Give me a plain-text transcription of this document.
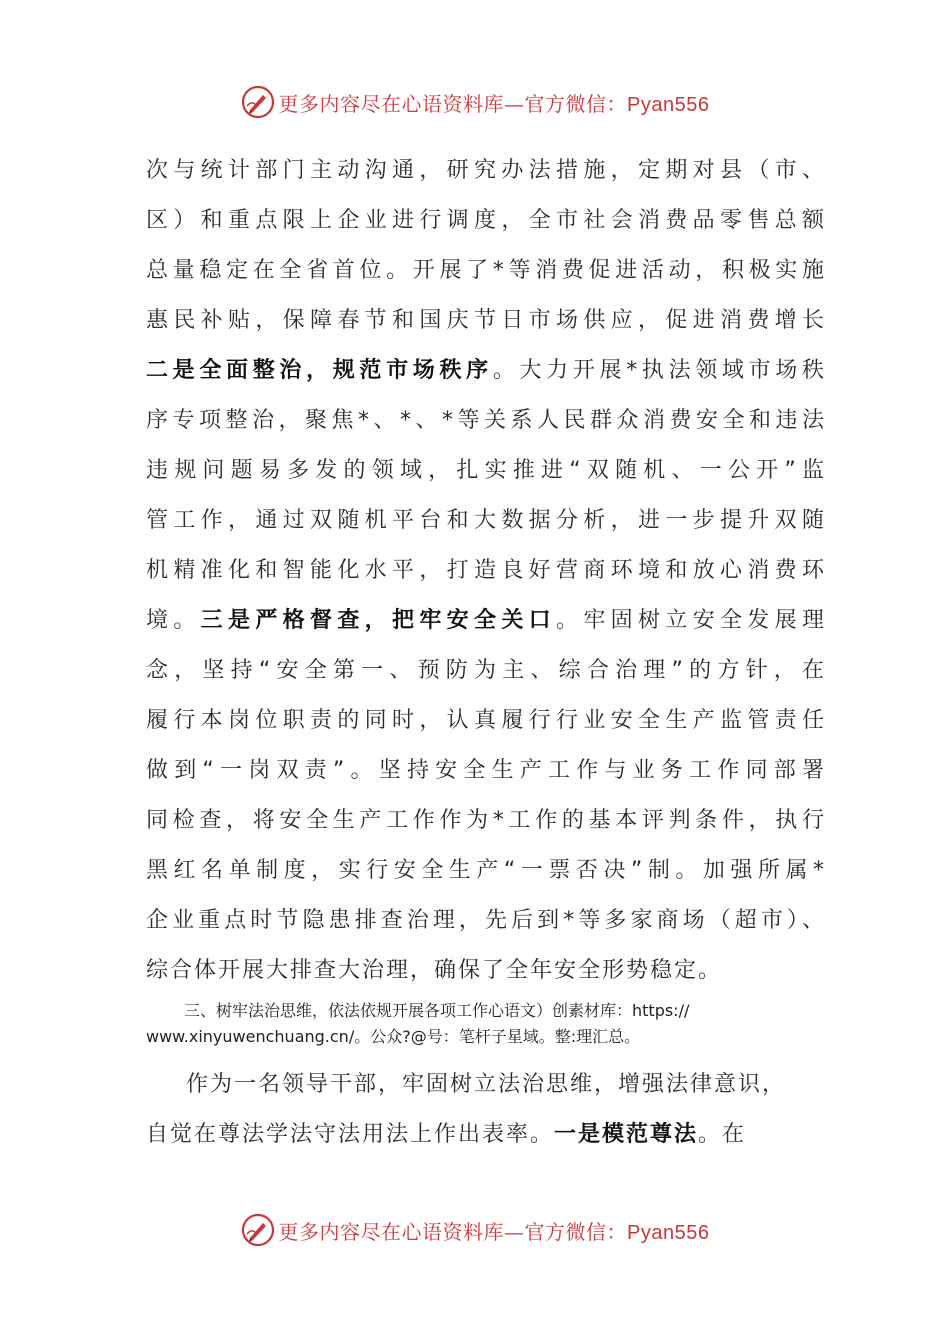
更多内容尽在心语资料库—官方微信：Pyan556
次与统计部门主动沟通，研究办法措施，定期对县（市、
区）和重点限上企业进行调度，全市社会消费品零售总额
总量稳定在全省首位。开展了*等消费促进活动，积极实施
惠民补贴，保障春节和国庆节日市场供应，促进消费增长
二是全面整治，规范市场秩序。大力开展*执法领域市场秩
序专项整治，聚焦*、*、*等关系人民群众消费安全和违法
违规问题易多发的领域，扎实推进“双随机、一公开”监
管工作，通过双随机平台和大数据分析，进一步提升双随
机精准化和智能化水平，打造良好营商环境和放心消费环
境。三是严格督查，把牢安全关口。牢固树立安全发展理
念，坚持“安全第一、预防为主、综合治理”的方针，在
履行本岗位职责的同时，认真履行行业安全生产监管责任
做到“一岗双责”。坚持安全生产工作与业务工作同部署
同检查，将安全生产工作作为*工作的基本评判条件，执行
黑红名单制度，实行安全生产“一票否决”制。加强所属*
企业重点时节隐患排查治理，先后到*等多家商场（超市）、
综合体开展大排查大治理，确保了全年安全形势稳定。
三、树牢法治思维，依法依规开展各项工作心语文）创素材库：https://
www.xinyuwenchuang.cn/。公众?@号：笔杆子星域。整:理汇总。
作为一名领导干部，牢固树立法治思维，增强法律意识，
自觉在尊法学法守法用法上作出表率。一是模范尊法。在
更多内容尽在心语资料库—官方微信：Pyan556
